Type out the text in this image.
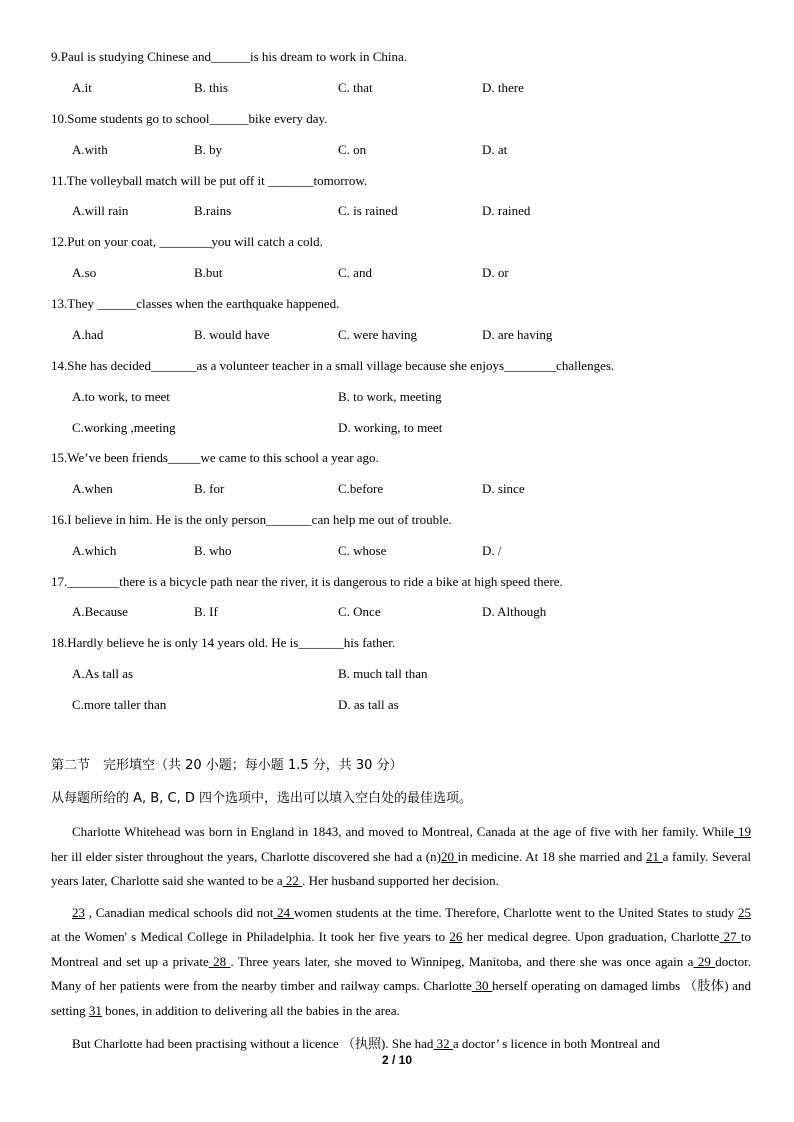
9.Paul is studying Chinese and______is his dream to work in China.
A.it	B. this	C. that	D. there
10.Some students go to school______bike every day.
A.with	B. by	C. on	D. at
11.The volleyball match will be put off it _______tomorrow.
A.will rain	B.rains	C. is rained	D. rained
12.Put on your coat, ________you will catch a cold.
A.so	B.but	C. and	D. or
13.They ______classes when the earthquake happened.
A.had	B. would have	C. were having	D. are having
14.She has decided_______as a volunteer teacher in a small village because she enjoys________challenges.
A.to work, to meet	B. to work, meeting
C.working ,meeting	D. working, to meet
15.We’ve been friends_____we came to this school a year ago.
A.when	B. for	C.before	D. since
16.I believe in him. He is the only person_______can help me out of trouble.
A.which	B. who	C. whose	D. /
17.________there is a bicycle path near the river, it is dangerous to ride a bike at high speed there.
A.Because	B. If	C. Once	D. Although
18.Hardly believe he is only 14 years old. He is_______his father.
A.As tall as	B. much tall than
C.more taller than	D. as tall as
第二节　完形填空（共 20 小题；每小题 1.5 分，共 30 分）
从每题所给的 A, B, C, D 四个选项中，选出可以填入空白处的最佳选项。

Charlotte Whitehead was born in England in 1843, and moved to Montreal, Canada at the age of five with her family. While 19 her ill elder sister throughout the years, Charlotte discovered she had a (n)20 in medicine. At 18 she married and 21 a family. Several years later, Charlotte said she wanted to be a 22 . Her husband supported her decision.

23 , Canadian medical schools did not 24 women students at the time. Therefore, Charlotte went to the United States to study 25 at the Women' s Medical College in Philadelphia. It took her five years to 26 her medical degree. Upon graduation, Charlotte 27 to Montreal and set up a private 28 . Three years later, she moved to Winnipeg, Manitoba, and there she was once again a 29 doctor. Many of her patients were from the nearby timber and railway camps. Charlotte 30 herself operating on damaged limbs （肢体) and setting 31 bones, in addition to delivering all the babies in the area.

But Charlotte had been practising without a licence （执照). She had 32 a doctor’ s licence in both Montreal and

2 / 10
